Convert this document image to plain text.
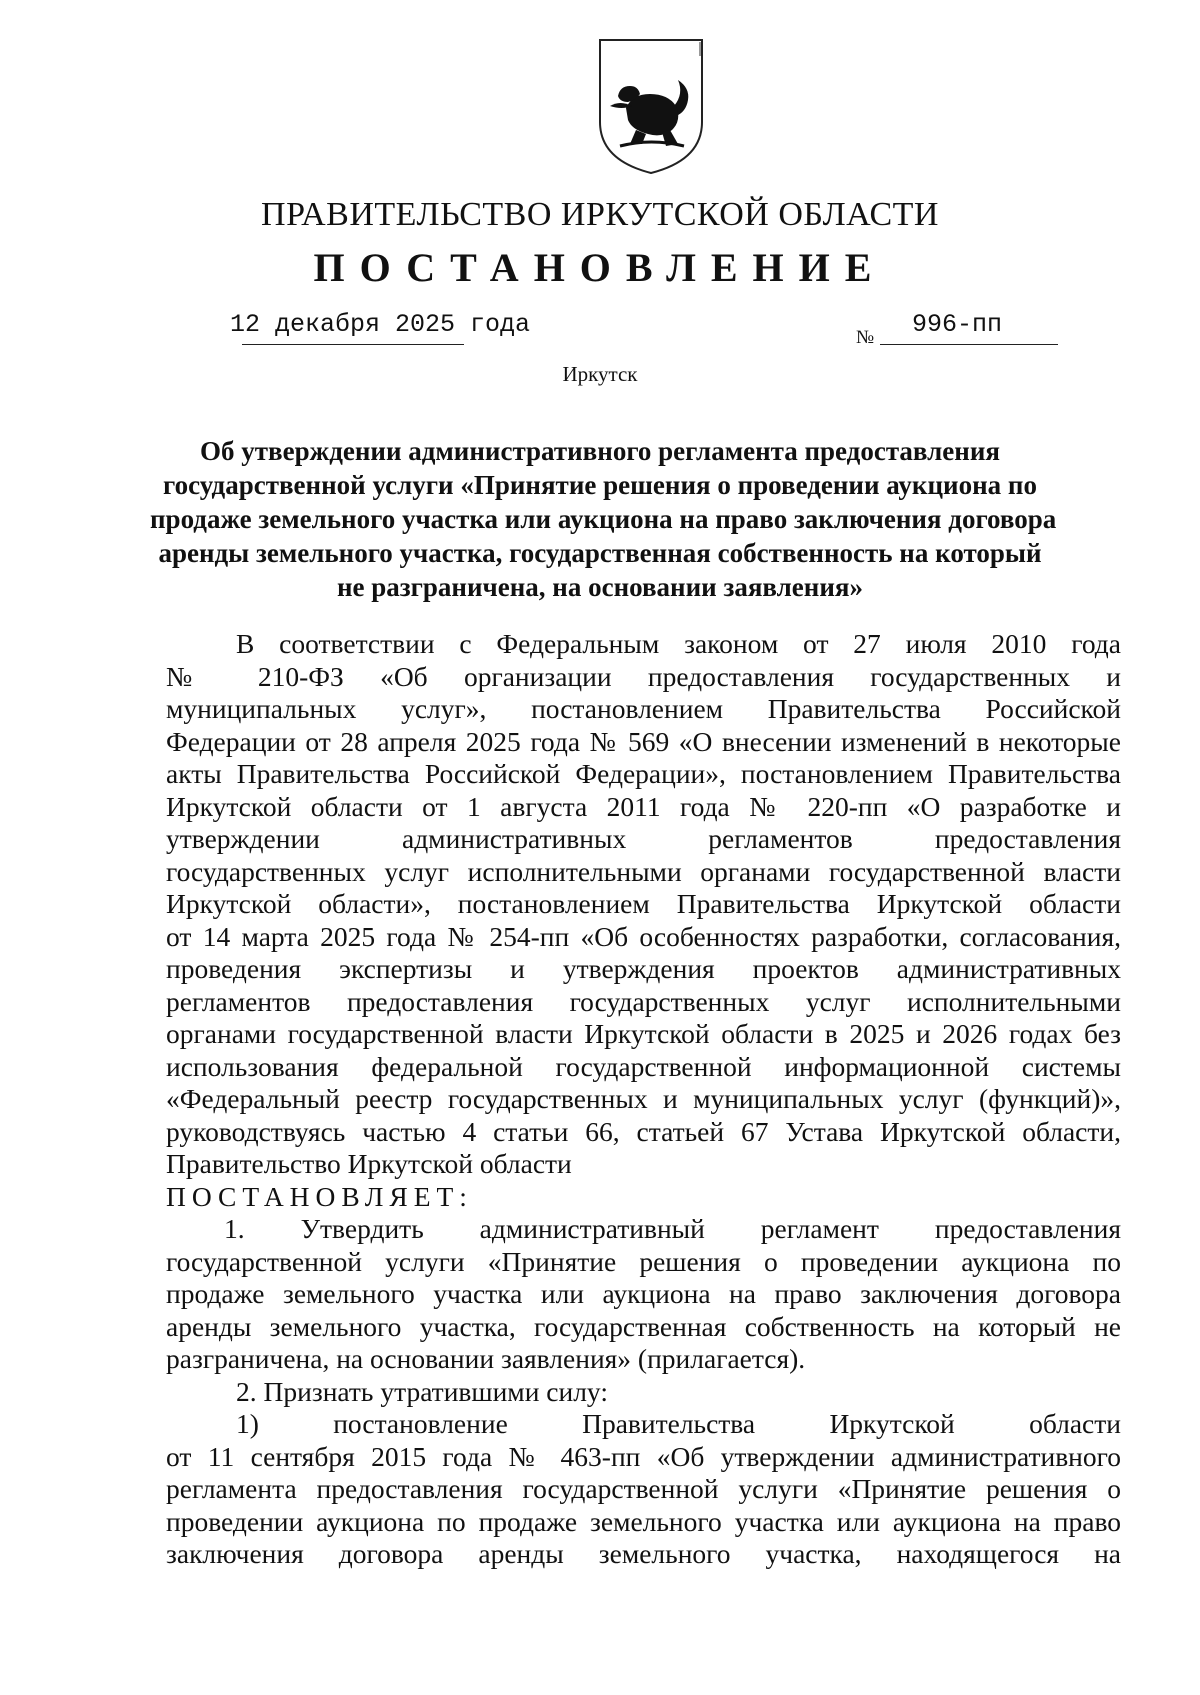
ПРАВИТЕЛЬСТВО ИРКУТСКОЙ ОБЛАСТИ
ПОСТАНОВЛЕНИЕ
12 декабря 2025 года	№ 996-пп
Иркутск
Об утверждении административного регламента предоставления
государственной услуги «Принятие решения о проведении аукциона по
продаже земельного участка или аукциона на право заключения договора
аренды земельного участка, государственная собственность на который
не разграничена, на основании заявления»
В соответствии с Федеральным законом от 27 июля 2010 года
№ 210-ФЗ «Об организации предоставления государственных и
муниципальных услуг», постановлением Правительства Российской
Федерации от 28 апреля 2025 года № 569 «О внесении изменений в некоторые
акты Правительства Российской Федерации», постановлением Правительства
Иркутской области от 1 августа 2011 года № 220-пп «О разработке и
утверждении административных регламентов предоставления
государственных услуг исполнительными органами государственной власти
Иркутской области», постановлением Правительства Иркутской области
от 14 марта 2025 года № 254-пп «Об особенностях разработки, согласования,
проведения экспертизы и утверждения проектов административных
регламентов предоставления государственных услуг исполнительными
органами государственной власти Иркутской области в 2025 и 2026 годах без
использования федеральной государственной информационной системы
«Федеральный реестр государственных и муниципальных услуг (функций)»,
руководствуясь частью 4 статьи 66, статьей 67 Устава Иркутской области,
Правительство Иркутской области
ПОСТАНОВЛЯЕТ:
1. Утвердить административный регламент предоставления
государственной услуги «Принятие решения о проведении аукциона по
продаже земельного участка или аукциона на право заключения договора
аренды земельного участка, государственная собственность на который не
разграничена, на основании заявления» (прилагается).
2. Признать утратившими силу:
1) постановление Правительства Иркутской области
от 11 сентября 2015 года № 463-пп «Об утверждении административного
регламента предоставления государственной услуги «Принятие решения о
проведении аукциона по продаже земельного участка или аукциона на право
заключения договора аренды земельного участка, находящегося на
